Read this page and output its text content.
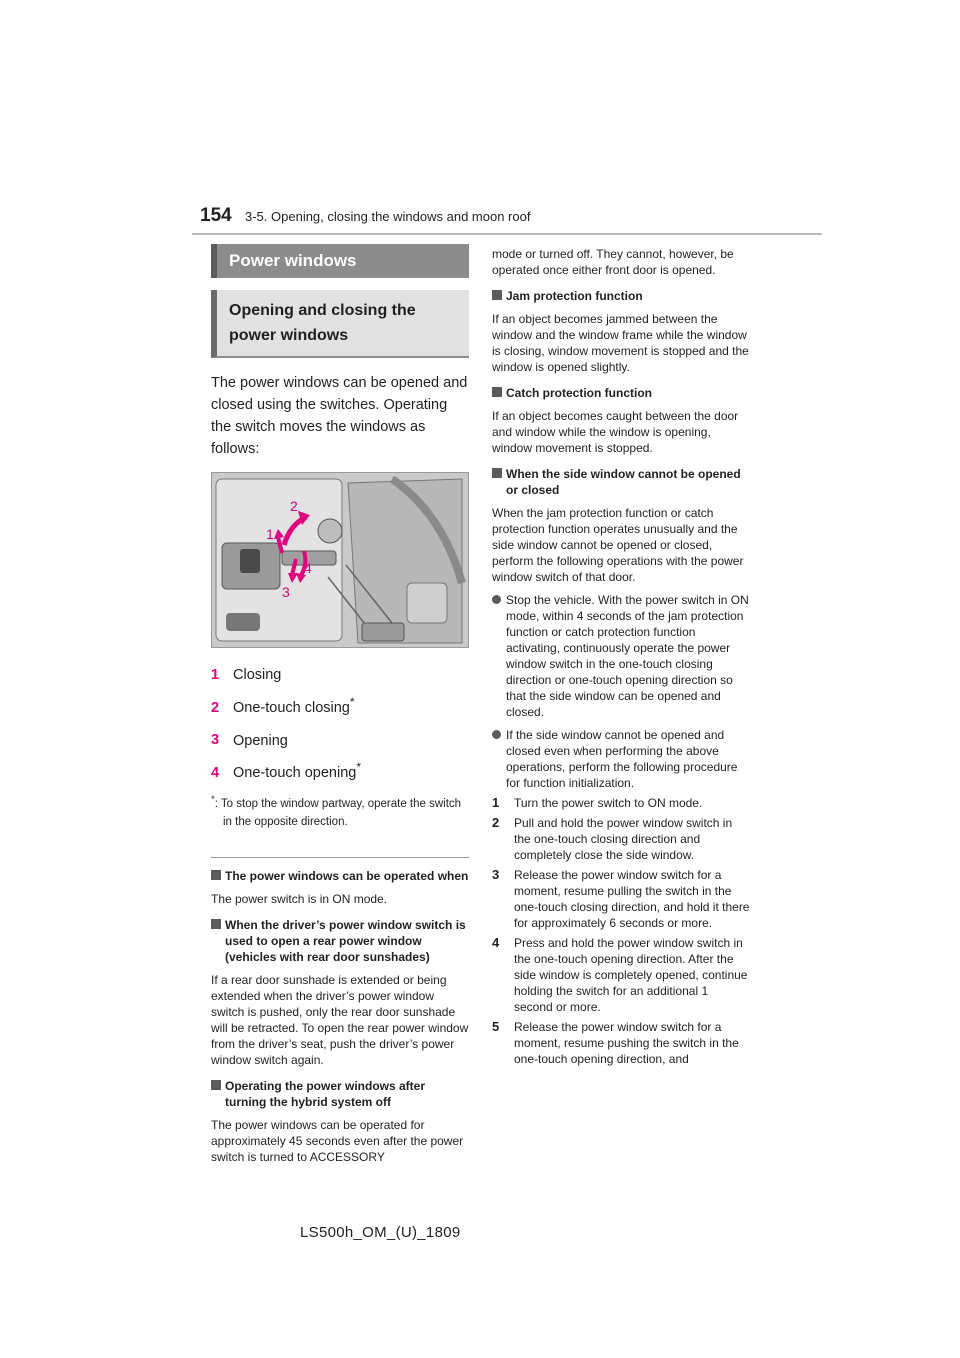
154 3-5. Opening, closing the windows and moon roof
Power windows
Opening and closing the power windows
The power windows can be opened and closed using the switches. Operating the switch moves the windows as follows:
1
2
3
4
1 Closing
2 One-touch closing*
3 Opening
4 One-touch opening*
*: To stop the window partway, operate the switch in the opposite direction.
The power windows can be operated when
The power switch is in ON mode.
When the driver’s power window switch is used to open a rear power window (vehicles with rear door sunshades)
If a rear door sunshade is extended or being extended when the driver’s power window switch is pushed, only the rear door sunshade will be retracted. To open the rear power window from the driver’s seat, push the driver’s power window switch again.
Operating the power windows after turning the hybrid system off
The power windows can be operated for approximately 45 seconds even after the power switch is turned to ACCESSORY
mode or turned off. They cannot, however, be operated once either front door is opened.
Jam protection function
If an object becomes jammed between the window and the window frame while the window is closing, window movement is stopped and the window is opened slightly.
Catch protection function
If an object becomes caught between the door and window while the window is opening, window movement is stopped.
When the side window cannot be opened or closed
When the jam protection function or catch protection function operates unusually and the side window cannot be opened or closed, perform the following operations with the power window switch of that door.
Stop the vehicle. With the power switch in ON mode, within 4 seconds of the jam protection function or catch protection function activating, continuously operate the power window switch in the one-touch closing direction or one-touch opening direction so that the side window can be opened and closed.
If the side window cannot be opened and closed even when performing the above operations, perform the following procedure for function initialization.
1 Turn the power switch to ON mode.
2 Pull and hold the power window switch in the one-touch closing direction and completely close the side window.
3 Release the power window switch for a moment, resume pulling the switch in the one-touch closing direction, and hold it there for approximately 6 seconds or more.
4 Press and hold the power window switch in the one-touch opening direction. After the side window is completely opened, continue holding the switch for an additional 1 second or more.
5 Release the power window switch for a moment, resume pushing the switch in the one-touch opening direction, and
LS500h_OM_(U)_1809
